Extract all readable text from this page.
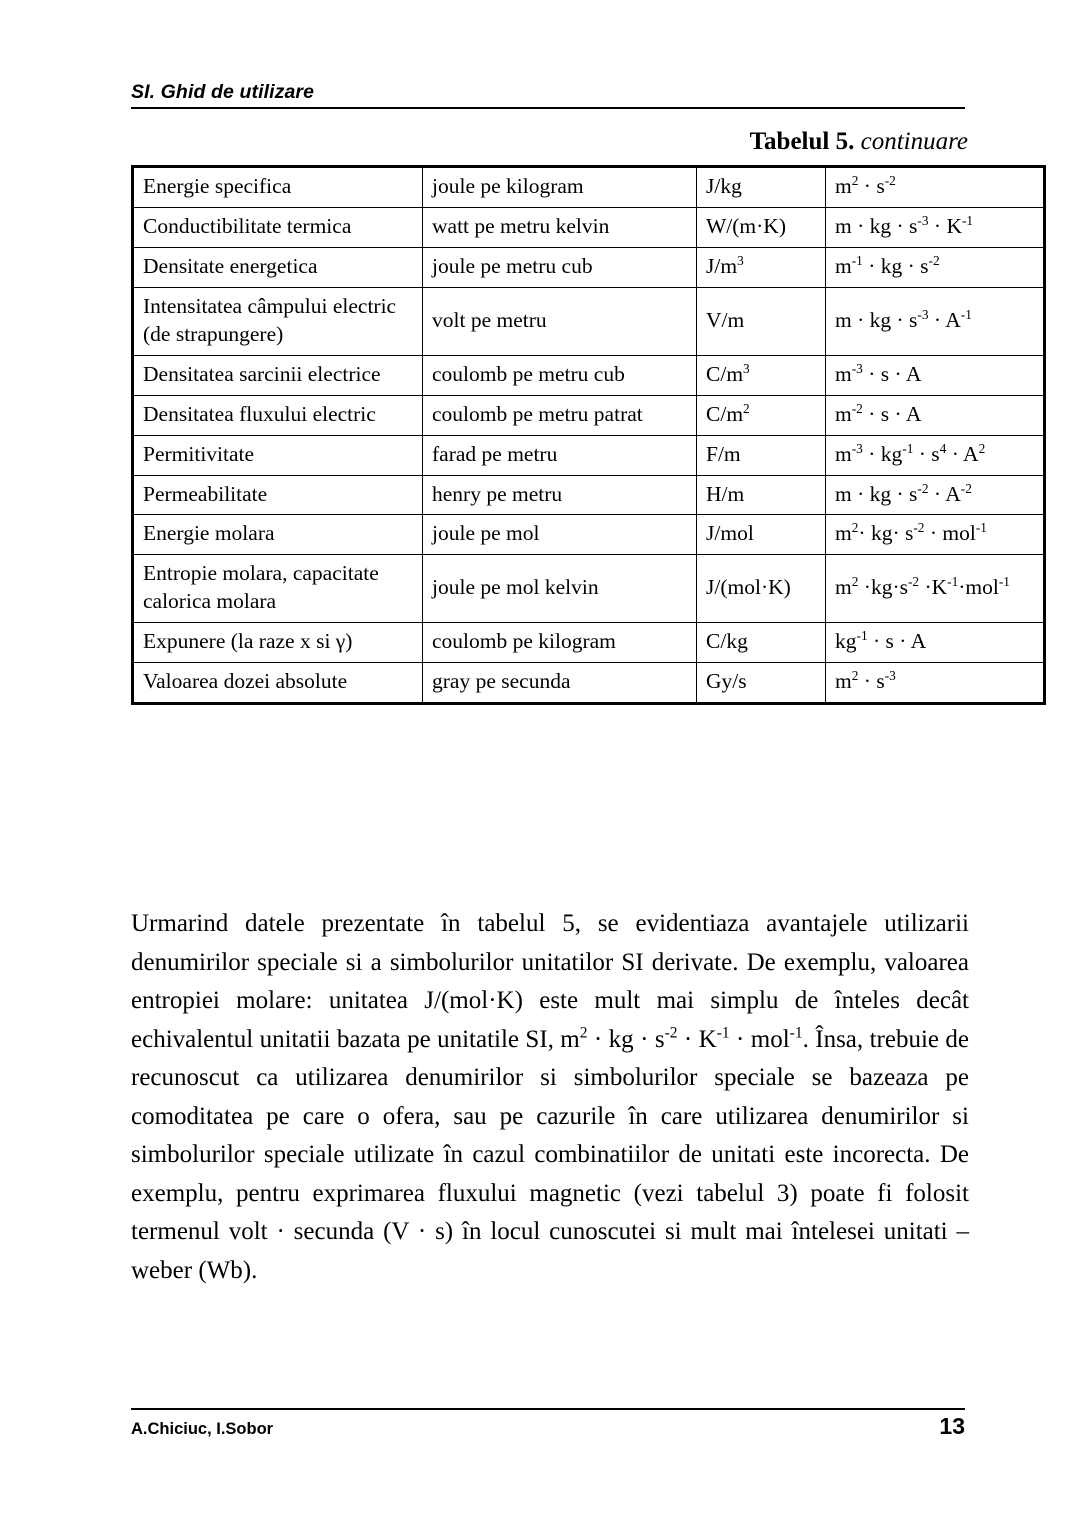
SI. Ghid de utilizare
Tabelul 5. continuare
Energie specifica	joule pe kilogram	J/kg	$m^2 \cdot s^{‑2}$
Conductibilitate termica	watt pe metru kelvin	W/(m·K)	m · kg · $s^{‑3} \cdot K^{‑1}$
Densitate energetica	joule pe metru cub	$J/m^3$	$m^{‑1}$ · kg · $s^{‑2}$
Intensitatea câmpului electric (de strapungere)	volt pe metru	V/m	m · kg · $s^{‑3} \cdot A^{‑1}$
Densitatea sarcinii electrice	coulomb pe metru cub	$C/m^3$	$m^{‑3} \cdot s \cdot A$
Densitatea fluxului electric	coulomb pe metru patrat	$C/m^2$	$m^{‑2} \cdot s \cdot A$
Permitivitate	farad pe metru	F/m	$m^{‑3} \cdot kg^{‑1} \cdot s^4 \cdot A^2$
Permeabilitate	henry pe metru	H/m	m · kg · $s^{‑2} \cdot A^{‑2}$
Energie molara	joule pe mol	J/mol	$m^2\cdot kg\cdot s^{‑2} \cdot mol^{‑1}$
Entropie molara, capacitate calorica molara	joule pe mol kelvin	J/(mol·K)	$m^2 \cdot kg\cdot s^{‑2} \cdot K^{‑1}\cdot mol^{‑1}$
Expunere (la raze x si γ)	coulomb pe kilogram	C/kg	$kg^{‑1} \cdot s \cdot A$
Valoarea dozei absolute	gray pe secunda	Gy/s	$m^2 \cdot s^{‑3}$

Urmarind datele prezentate în tabelul 5, se evidentiaza avantajele utilizarii denumirilor speciale si a simbolurilor unitatilor SI derivate. De exemplu, valoarea entropiei molare: unitatea J/(mol·K) este mult mai simplu de înteles decât echivalentul unitatii bazata pe unitatile SI, $m^2$ · kg · $s^{‑2} \cdot K^{‑1} \cdot mol^{‑1}$. Însa, trebuie de recunoscut ca utilizarea denumirilor si simbolurilor speciale se bazeaza pe comoditatea pe care o ofera, sau pe cazurile în care utilizarea denumirilor si simbolurilor speciale utilizate în cazul combinatiilor de unitati este incorecta. De exemplu, pentru exprimarea fluxului magnetic (vezi tabelul 3) poate fi folosit termenul volt · secunda (V · s) în locul cunoscutei si mult mai întelesei unitati – weber (Wb).

A.Chiciuc, I.Sobor	13
